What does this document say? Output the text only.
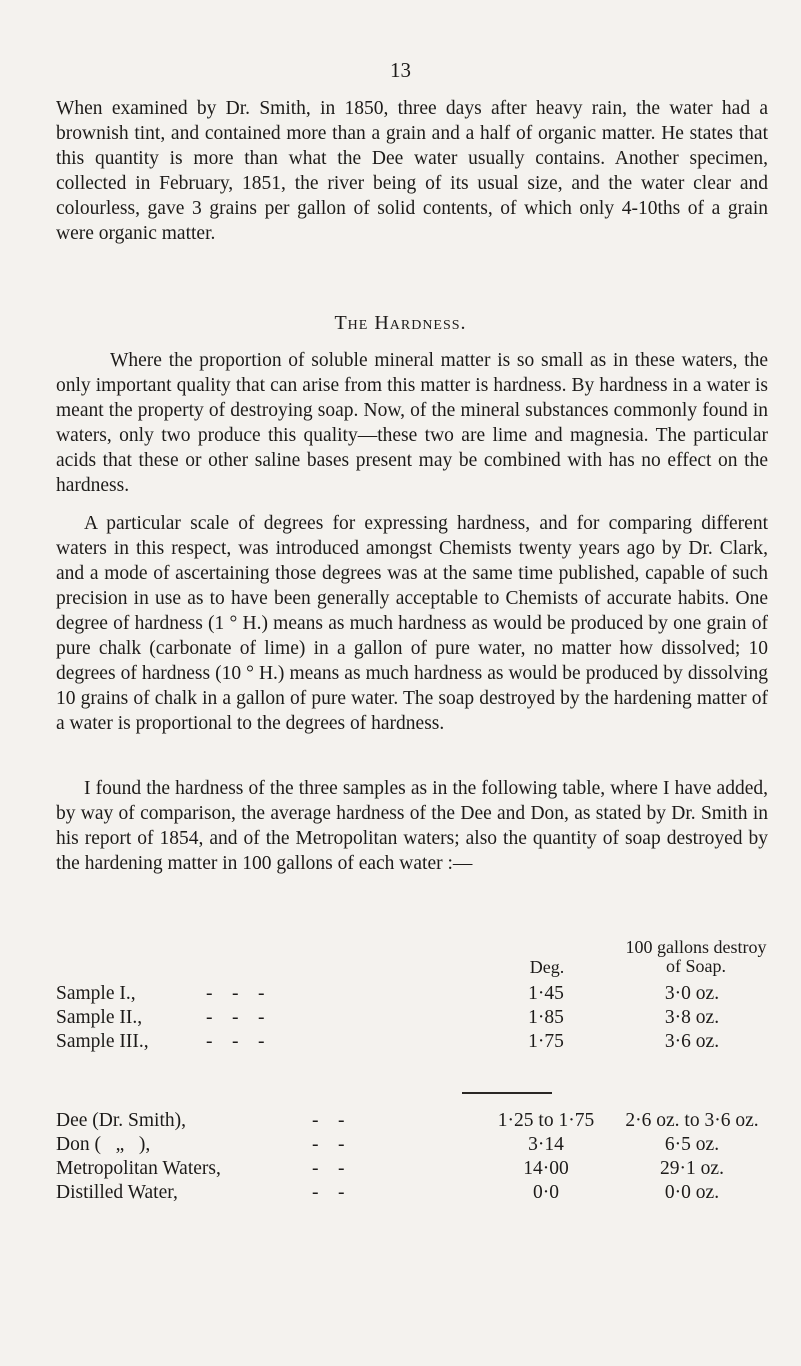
13
When examined by Dr. Smith, in 1850, three days after heavy rain, the water had a brownish tint, and contained more than a grain and a half of organic matter. He states that this quantity is more than what the Dee water usually contains. Another specimen, collected in February, 1851, the river being of its usual size, and the water clear and colourless, gave 3 grains per gallon of solid contents, of which only 4-10ths of a grain were organic matter.
The Hardness.
Where the proportion of soluble mineral matter is so small as in these waters, the only important quality that can arise from this matter is hardness. By hardness in a water is meant the property of destroying soap. Now, of the mineral substances commonly found in waters, only two produce this quality—these two are lime and magnesia. The particular acids that these or other saline bases present may be combined with has no effect on the hardness.
A particular scale of degrees for expressing hardness, and for comparing different waters in this respect, was introduced amongst Chemists twenty years ago by Dr. Clark, and a mode of ascertaining those degrees was at the same time published, capable of such precision in use as to have been generally acceptable to Chemists of accurate habits. One degree of hardness (1 ° H.) means as much hardness as would be produced by one grain of pure chalk (carbonate of lime) in a gallon of pure water, no matter how dissolved; 10 degrees of hardness (10 ° H.) means as much hardness as would be produced by dissolving 10 grains of chalk in a gallon of pure water. The soap destroyed by the hardening matter of a water is proportional to the degrees of hardness.
I found the hardness of the three samples as in the following table, where I have added, by way of comparison, the average hardness of the Dee and Don, as stated by Dr. Smith in his report of 1854, and of the Metropolitan waters; also the quantity of soap destroyed by the hardening matter in 100 gallons of each water :—
Deg.
100 gallons destroy of Soap.
Sample I.,	-    -    -	1·45	3·0 oz.
Sample II.,	-    -    -	1·85	3·8 oz.
Sample III.,	-    -    -	1·75	3·6 oz.
Dee (Dr. Smith),	-    -	1·25 to 1·75	2·6 oz. to 3·6 oz.
Don (   „   ),	-    -	3·14	6·5 oz.
Metropolitan Waters,	-    -	14·00	29·1 oz.
Distilled Water,	-    -	0·0	0·0 oz.
